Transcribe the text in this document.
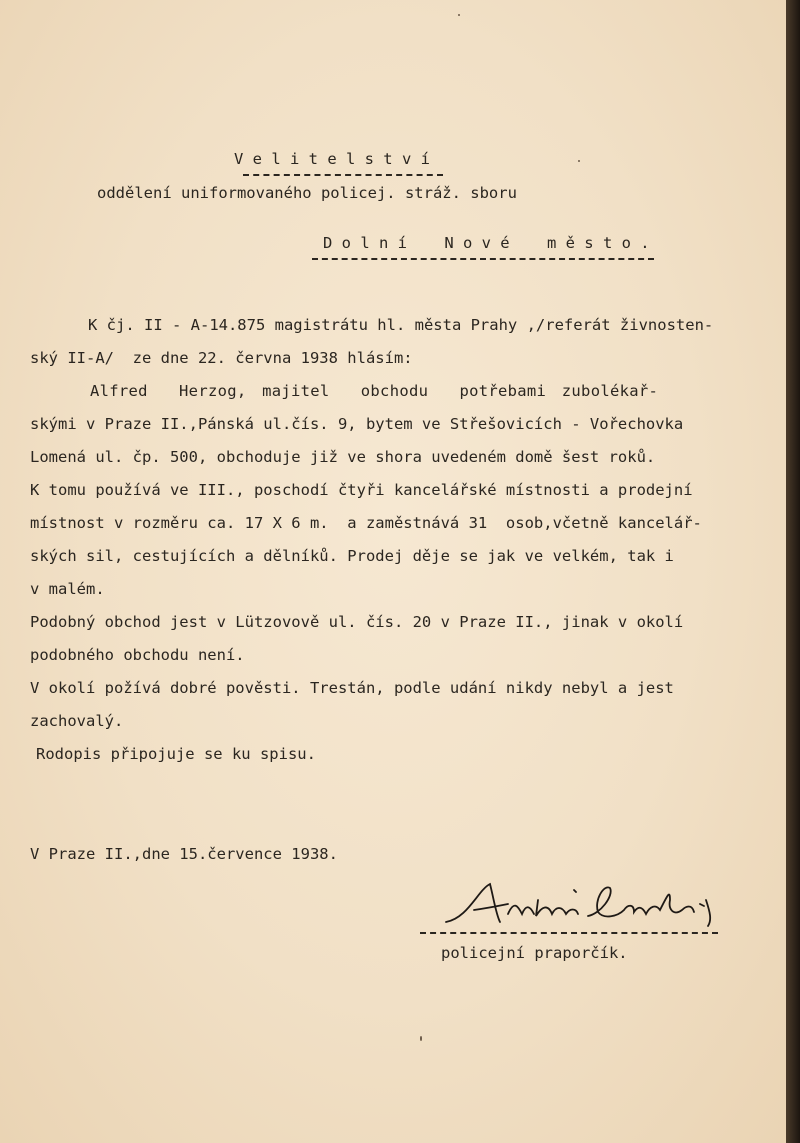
V e l i t e l s t v í
oddělení uniformovaného policej. stráž. sboru
D o l n í    N o v é    m ě s t o .
K čj. II - A-14.875 magistrátu hl. města Prahy ,/referát živnosten-
ský II-A/  ze dne 22. června 1938 hlásím:
Alfred  Herzog, majitel  obchodu  potřebami zubolékař-
skými v Praze II.,Pánská ul.čís. 9, bytem ve Střešovicích - Vořechovka
Lomená ul. čp. 500, obchoduje již ve shora uvedeném domě šest roků.
K tomu používá ve III., poschodí čtyři kancelářské místnosti a prodejní
místnost v rozměru ca. 17 X 6 m.  a zaměstnává 31  osob,včetně kancelář-
ských sil, cestujících a dělníků. Prodej děje se jak ve velkém, tak i
v malém.
Podobný obchod jest v Lützovově ul. čís. 20 v Praze II., jinak v okolí
podobného obchodu není.
V okolí požívá dobré pověsti. Trestán, podle udání nikdy nebyl a jest
zachovalý.
Rodopis připojuje se ku spisu.
V Praze II.,dne 15.července 1938.
policejní praporčík.
